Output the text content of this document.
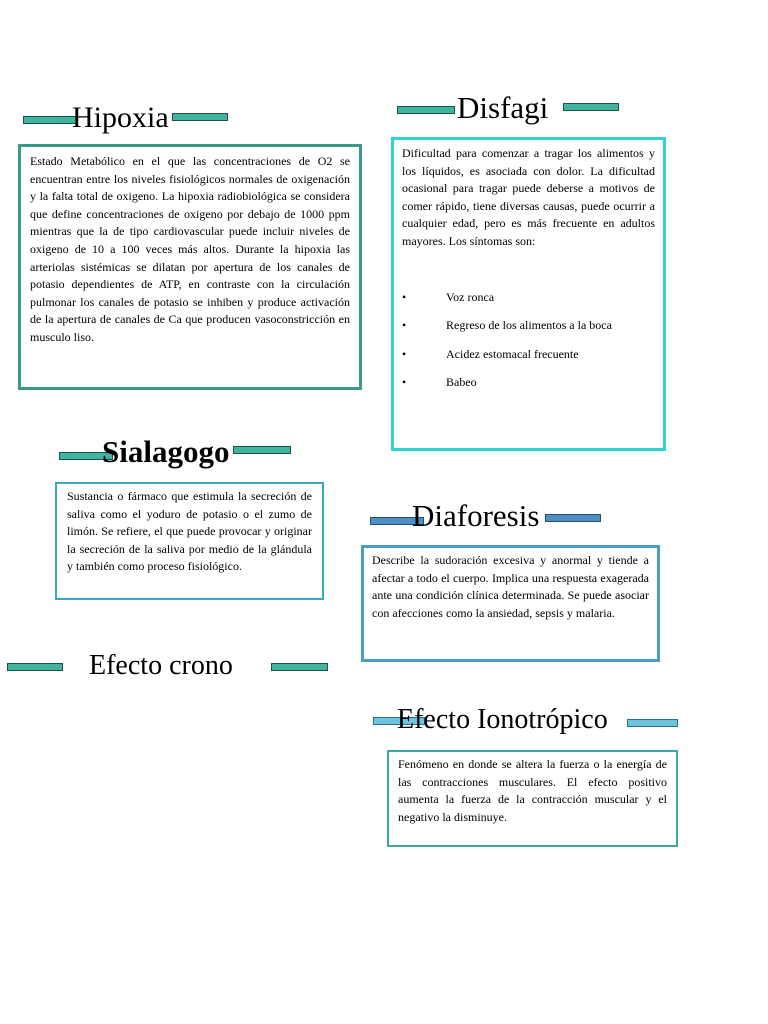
Hipoxia

Estado Metabólico en el que las concentraciones de O2 se encuentran entre los niveles fisiológicos normales de oxigenación y la falta total de oxigeno. La hipoxia radiobiológica se considera que define concentraciones de oxigeno por debajo de 1000 ppm mientras que la de tipo cardiovascular puede incluir niveles de oxigeno de 10 a 100 veces más altos. Durante la hipoxia las arteriolas sistémicas se dilatan por apertura de los canales de potasio dependientes de ATP, en contraste con la circulación pulmonar los canales de potasio se inhiben y produce activación de la apertura de canales de Ca que producen vasoconstricción en musculo liso.

Disfagi

Dificultad para comenzar a tragar los alimentos y los líquidos, es asociada con dolor. La dificultad ocasional para tragar puede deberse a motivos de comer rápido, tiene diversas causas, puede ocurrir a cualquier edad, pero es más frecuente en adultos mayores. Los síntomas son:

•	Voz ronca
•	Regreso de los alimentos a la boca
•	Acidez estomacal frecuente
•	Babeo
Sialagogo

Sustancia o fármaco que estimula la secreción de saliva como el yoduro de potasio o el zumo de limón. Se refiere, el que puede provocar y originar la secreción de la saliva por medio de la glándula y también como proceso fisiológico.

Diaforesis

Describe la sudoración excesiva y anormal y tiende a afectar a todo el cuerpo. Implica una respuesta exagerada ante una condición clínica determinada. Se puede asociar con afecciones como la ansiedad, sepsis y malaria.

Efecto crono
Efecto Ionotrópico

Fenómeno en donde se altera la fuerza o la energía de las contracciones musculares. El efecto positivo aumenta la fuerza de la contracción muscular y el negativo la disminuye.
